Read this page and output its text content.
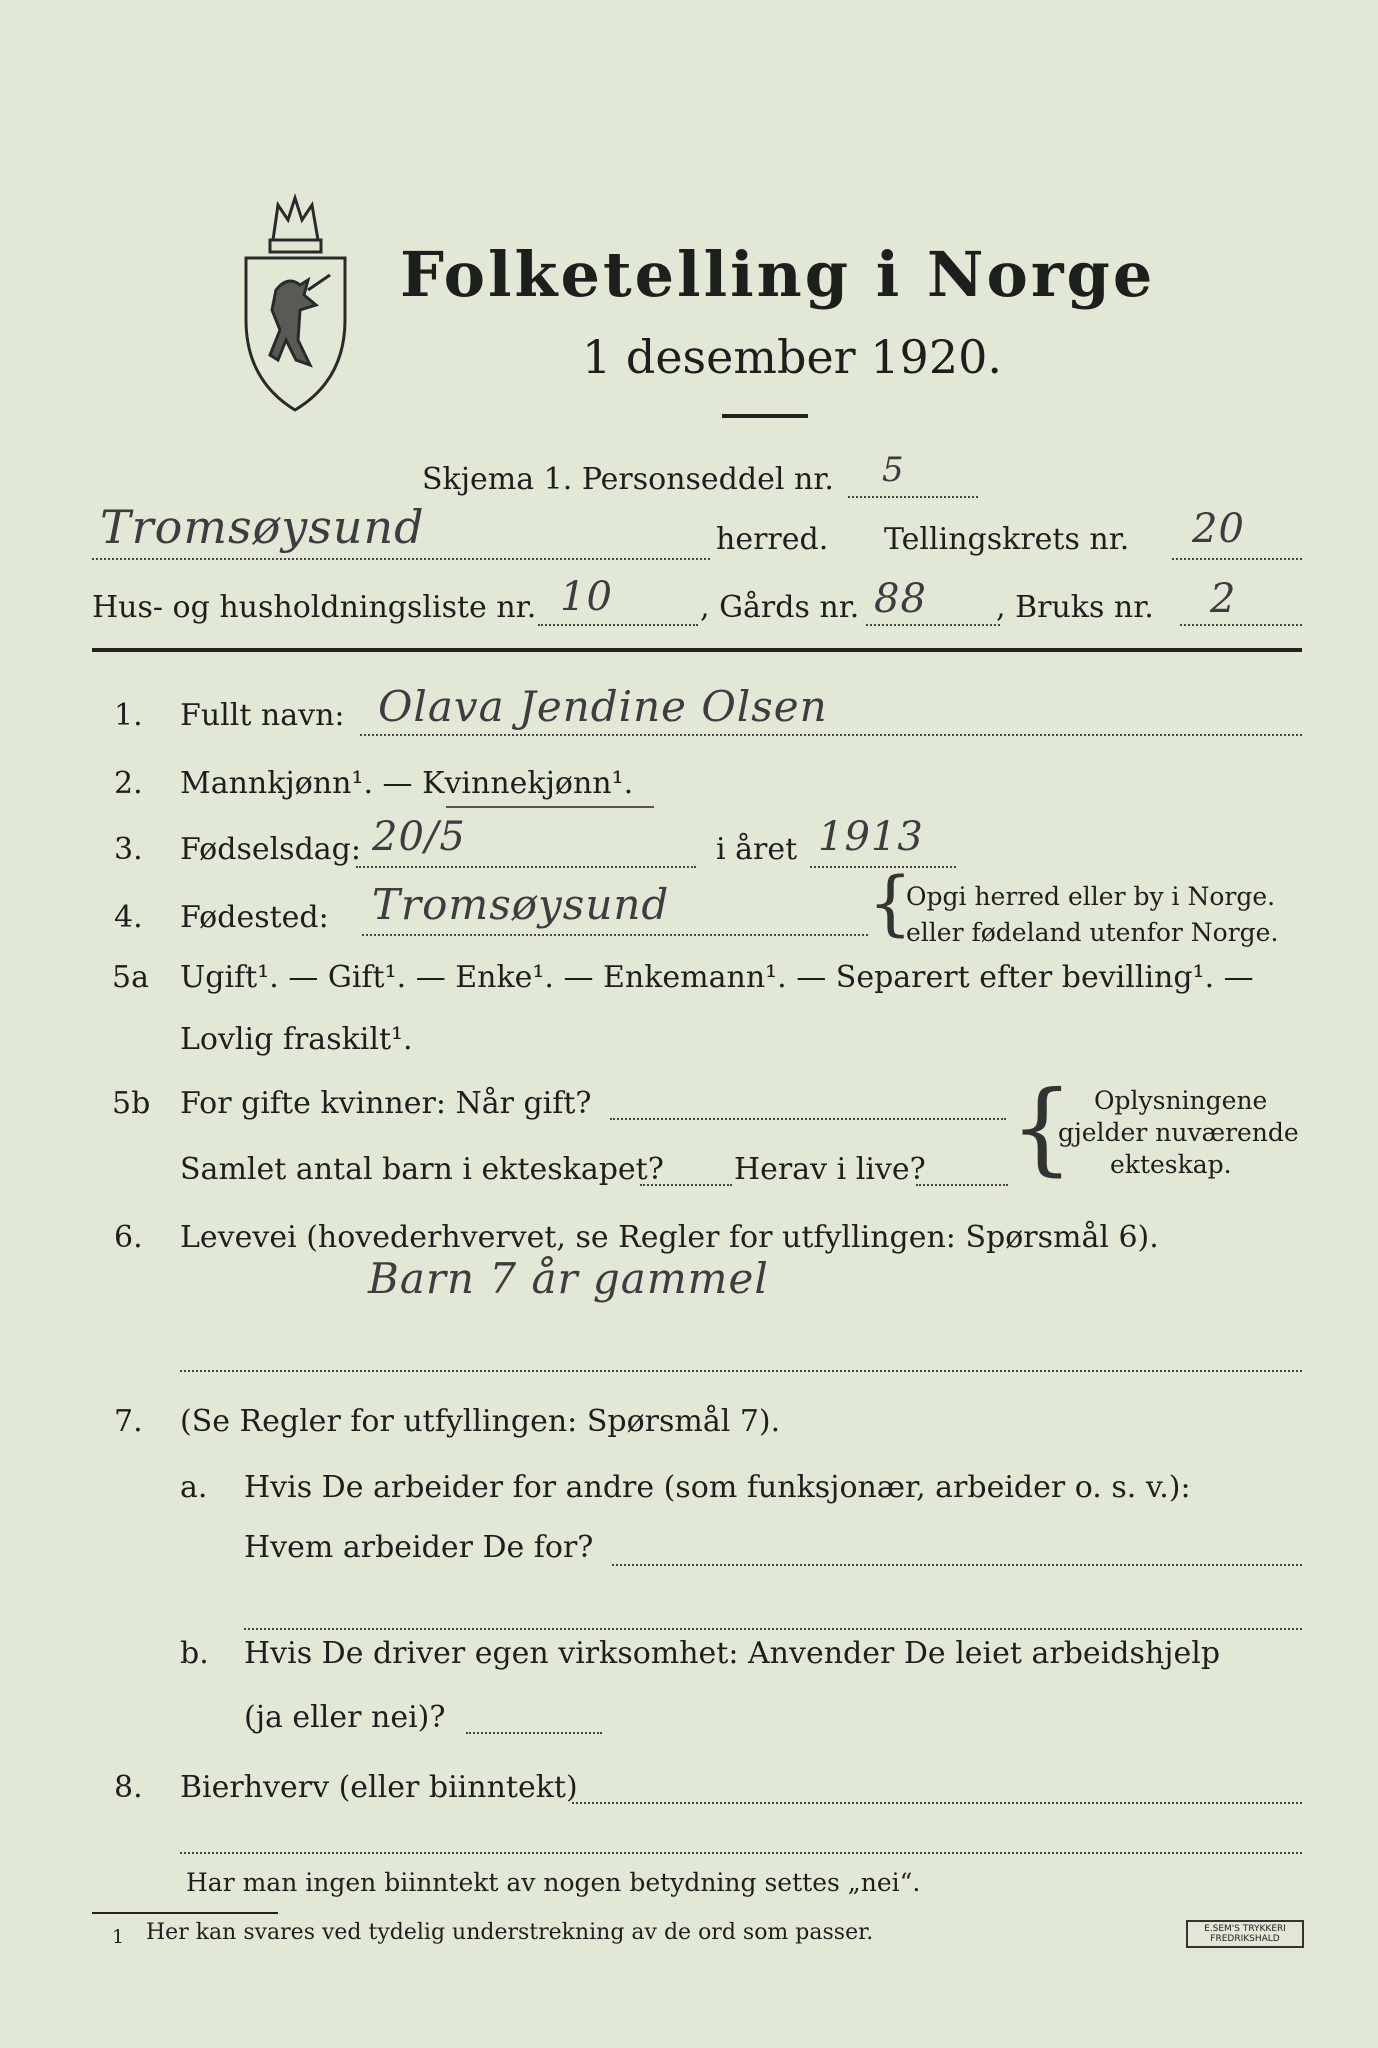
Folketelling i Norge
1 desember 1920.
Skjema 1. Personseddel nr. 5
Tromsøysund	herred. Tellingskrets nr. 20
Hus- og husholdningsliste nr. 10	, Gårds nr. 88 , Bruks nr. 2
1. Fullt navn: Olava Jendine Olsen
2. Mannkjønn¹. — Kvinnekjønn¹.
3. Fødselsdag: 20/5	i året 1913
4. Fødested: Tromsøysund	{
Opgi herred eller by i Norge.
eller fødeland utenfor Norge.
5a Ugift¹. — Gift¹. — Enke¹. — Enkemann¹. — Separert efter bevilling¹. —
Lovlig fraskilt¹.
5b For gifte kvinner: Når gift?
Samlet antal barn i ekteskapet? Herav i live? { Oplysningene
gjelder nuværende
ekteskap.
6. Levevei (hovederhvervet, se Regler for utfyllingen: Spørsmål 6).
Barn 7 år gammel
7. (Se Regler for utfyllingen: Spørsmål 7).
a. Hvis De arbeider for andre (som funksjonær, arbeider o. s. v.):
Hvem arbeider De for?
b. Hvis De driver egen virksomhet: Anvender De leiet arbeidshjelp
(ja eller nei)?
8. Bierhverv (eller biinntekt)
Har man ingen biinntekt av nogen betydning settes „nei“.
1 Her kan svares ved tydelig understrekning av de ord som passer.	E.SEM'S TRYKKERI
FREDRIKSHALD
